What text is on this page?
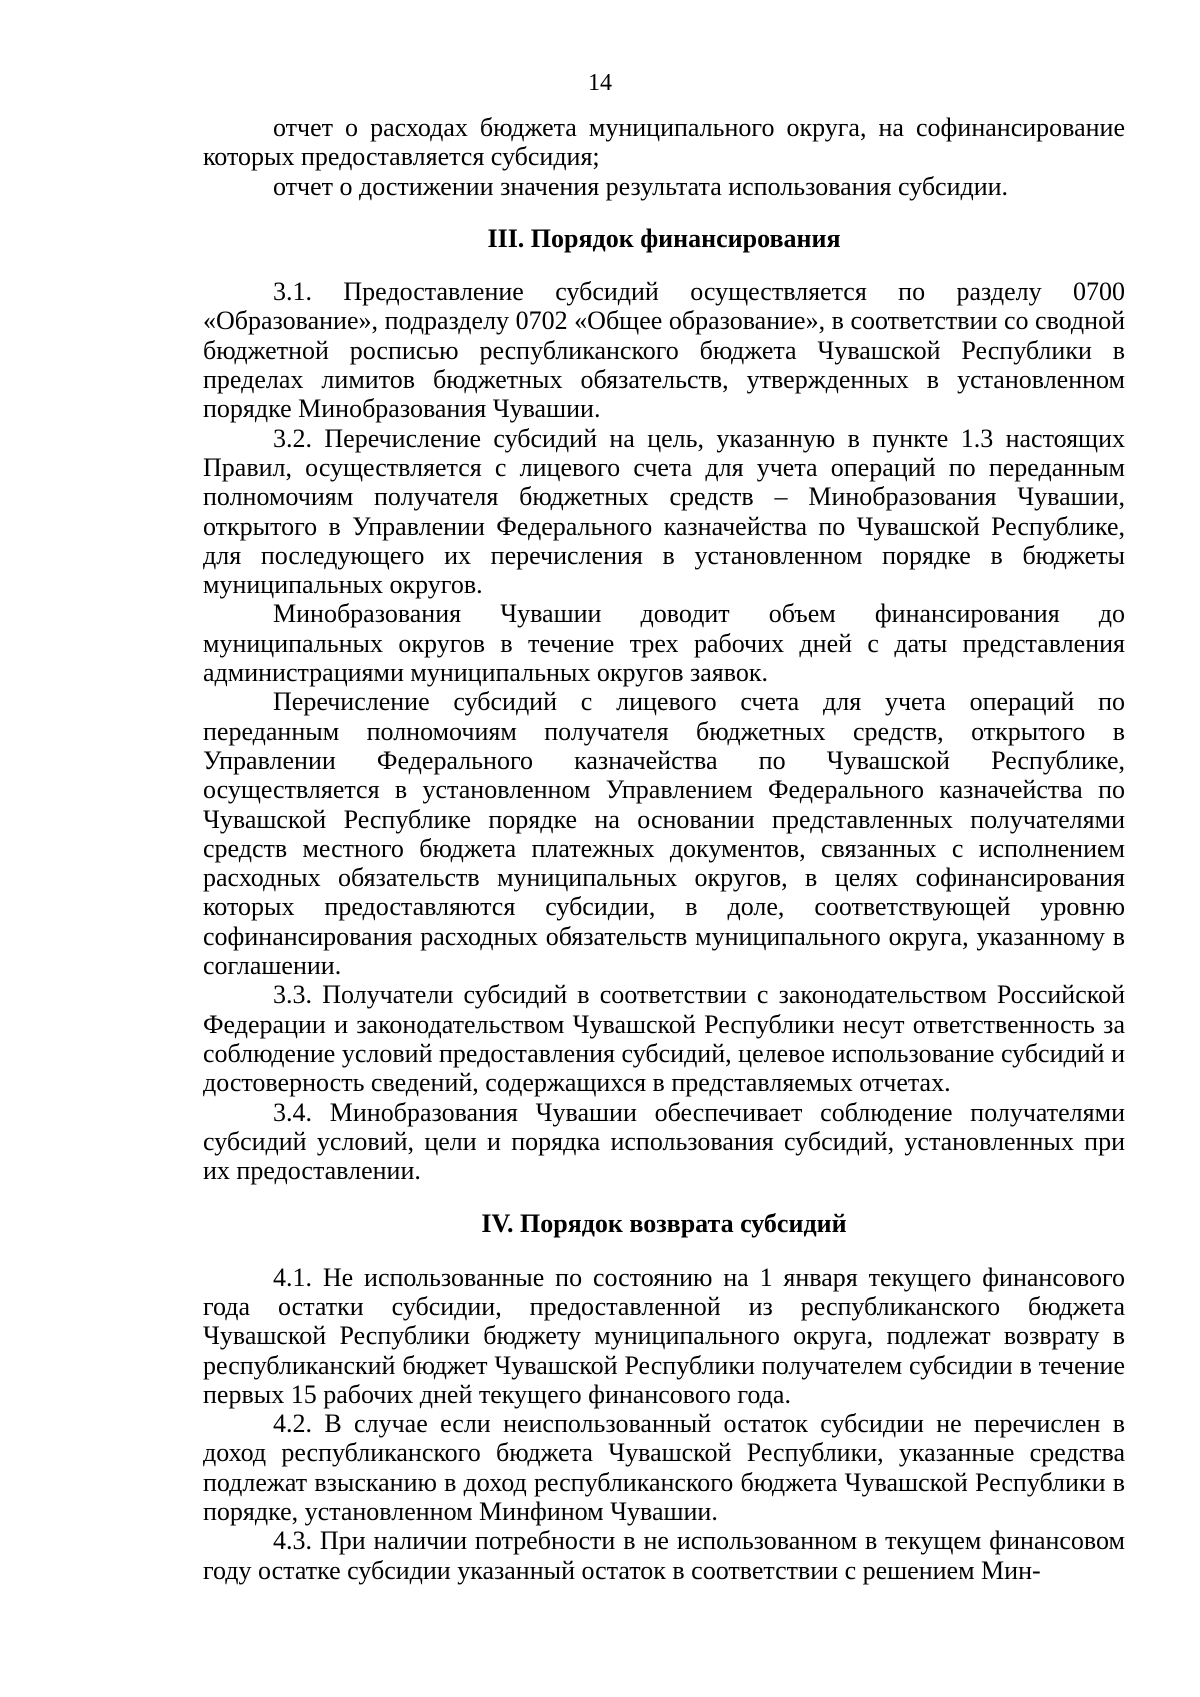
14

отчет о расходах бюджета муниципального округа, на софинансирование которых предоставляется субсидия;

отчет о достижении значения результата использования субсидии.

III. Порядок финансирования

3.1. Предоставление субсидий осуществляется по разделу 0700 «Образование», подразделу 0702 «Общее образование», в соответствии со сводной бюджетной росписью республиканского бюджета Чувашской Республики в пределах лимитов бюджетных обязательств, утвержденных в установленном порядке Минобразования Чувашии.

3.2. Перечисление субсидий на цель, указанную в пункте 1.3 настоящих Правил, осуществляется с лицевого счета для учета операций по переданным полномочиям получателя бюджетных средств – Минобразования Чувашии, открытого в Управлении Федерального казначейства по Чувашской Республике, для последующего их перечисления в установленном порядке в бюджеты муниципальных округов.

Минобразования Чувашии доводит объем финансирования до муниципальных округов в течение трех рабочих дней с даты представления администрациями муниципальных округов заявок.

Перечисление субсидий с лицевого счета для учета операций по переданным полномочиям получателя бюджетных средств, открытого в Управлении Федерального казначейства по Чувашской Республике, осуществляется в установленном Управлением Федерального казначейства по Чувашской Республике порядке на основании представленных получателями средств местного бюджета платежных документов, связанных с исполнением расходных обязательств муниципальных округов, в целях софинансирования которых предоставляются субсидии, в доле, соответствующей уровню софинансирования расходных обязательств муниципального округа, указанному в соглашении.

3.3. Получатели субсидий в соответствии с законодательством Российской Федерации и законодательством Чувашской Республики несут ответственность за соблюдение условий предоставления субсидий, целевое использование субсидий и достоверность сведений, содержащихся в представляемых отчетах.

3.4. Минобразования Чувашии обеспечивает соблюдение получателями субсидий условий, цели и порядка использования субсидий, установленных при их предоставлении.

IV. Порядок возврата субсидий

4.1. Не использованные по состоянию на 1 января текущего финансового года остатки субсидии, предоставленной из республиканского бюджета Чувашской Республики бюджету муниципального округа, подлежат возврату в республиканский бюджет Чувашской Республики получателем субсидии в течение первых 15 рабочих дней текущего финансового года.

4.2. В случае если неиспользованный остаток субсидии не перечислен в доход республиканского бюджета Чувашской Республики, указанные средства подлежат взысканию в доход республиканского бюджета Чувашской Республики в порядке, установленном Минфином Чувашии.

4.3. При наличии потребности в не использованном в текущем финансовом году остатке субсидии указанный остаток в соответствии с решением Мин-
